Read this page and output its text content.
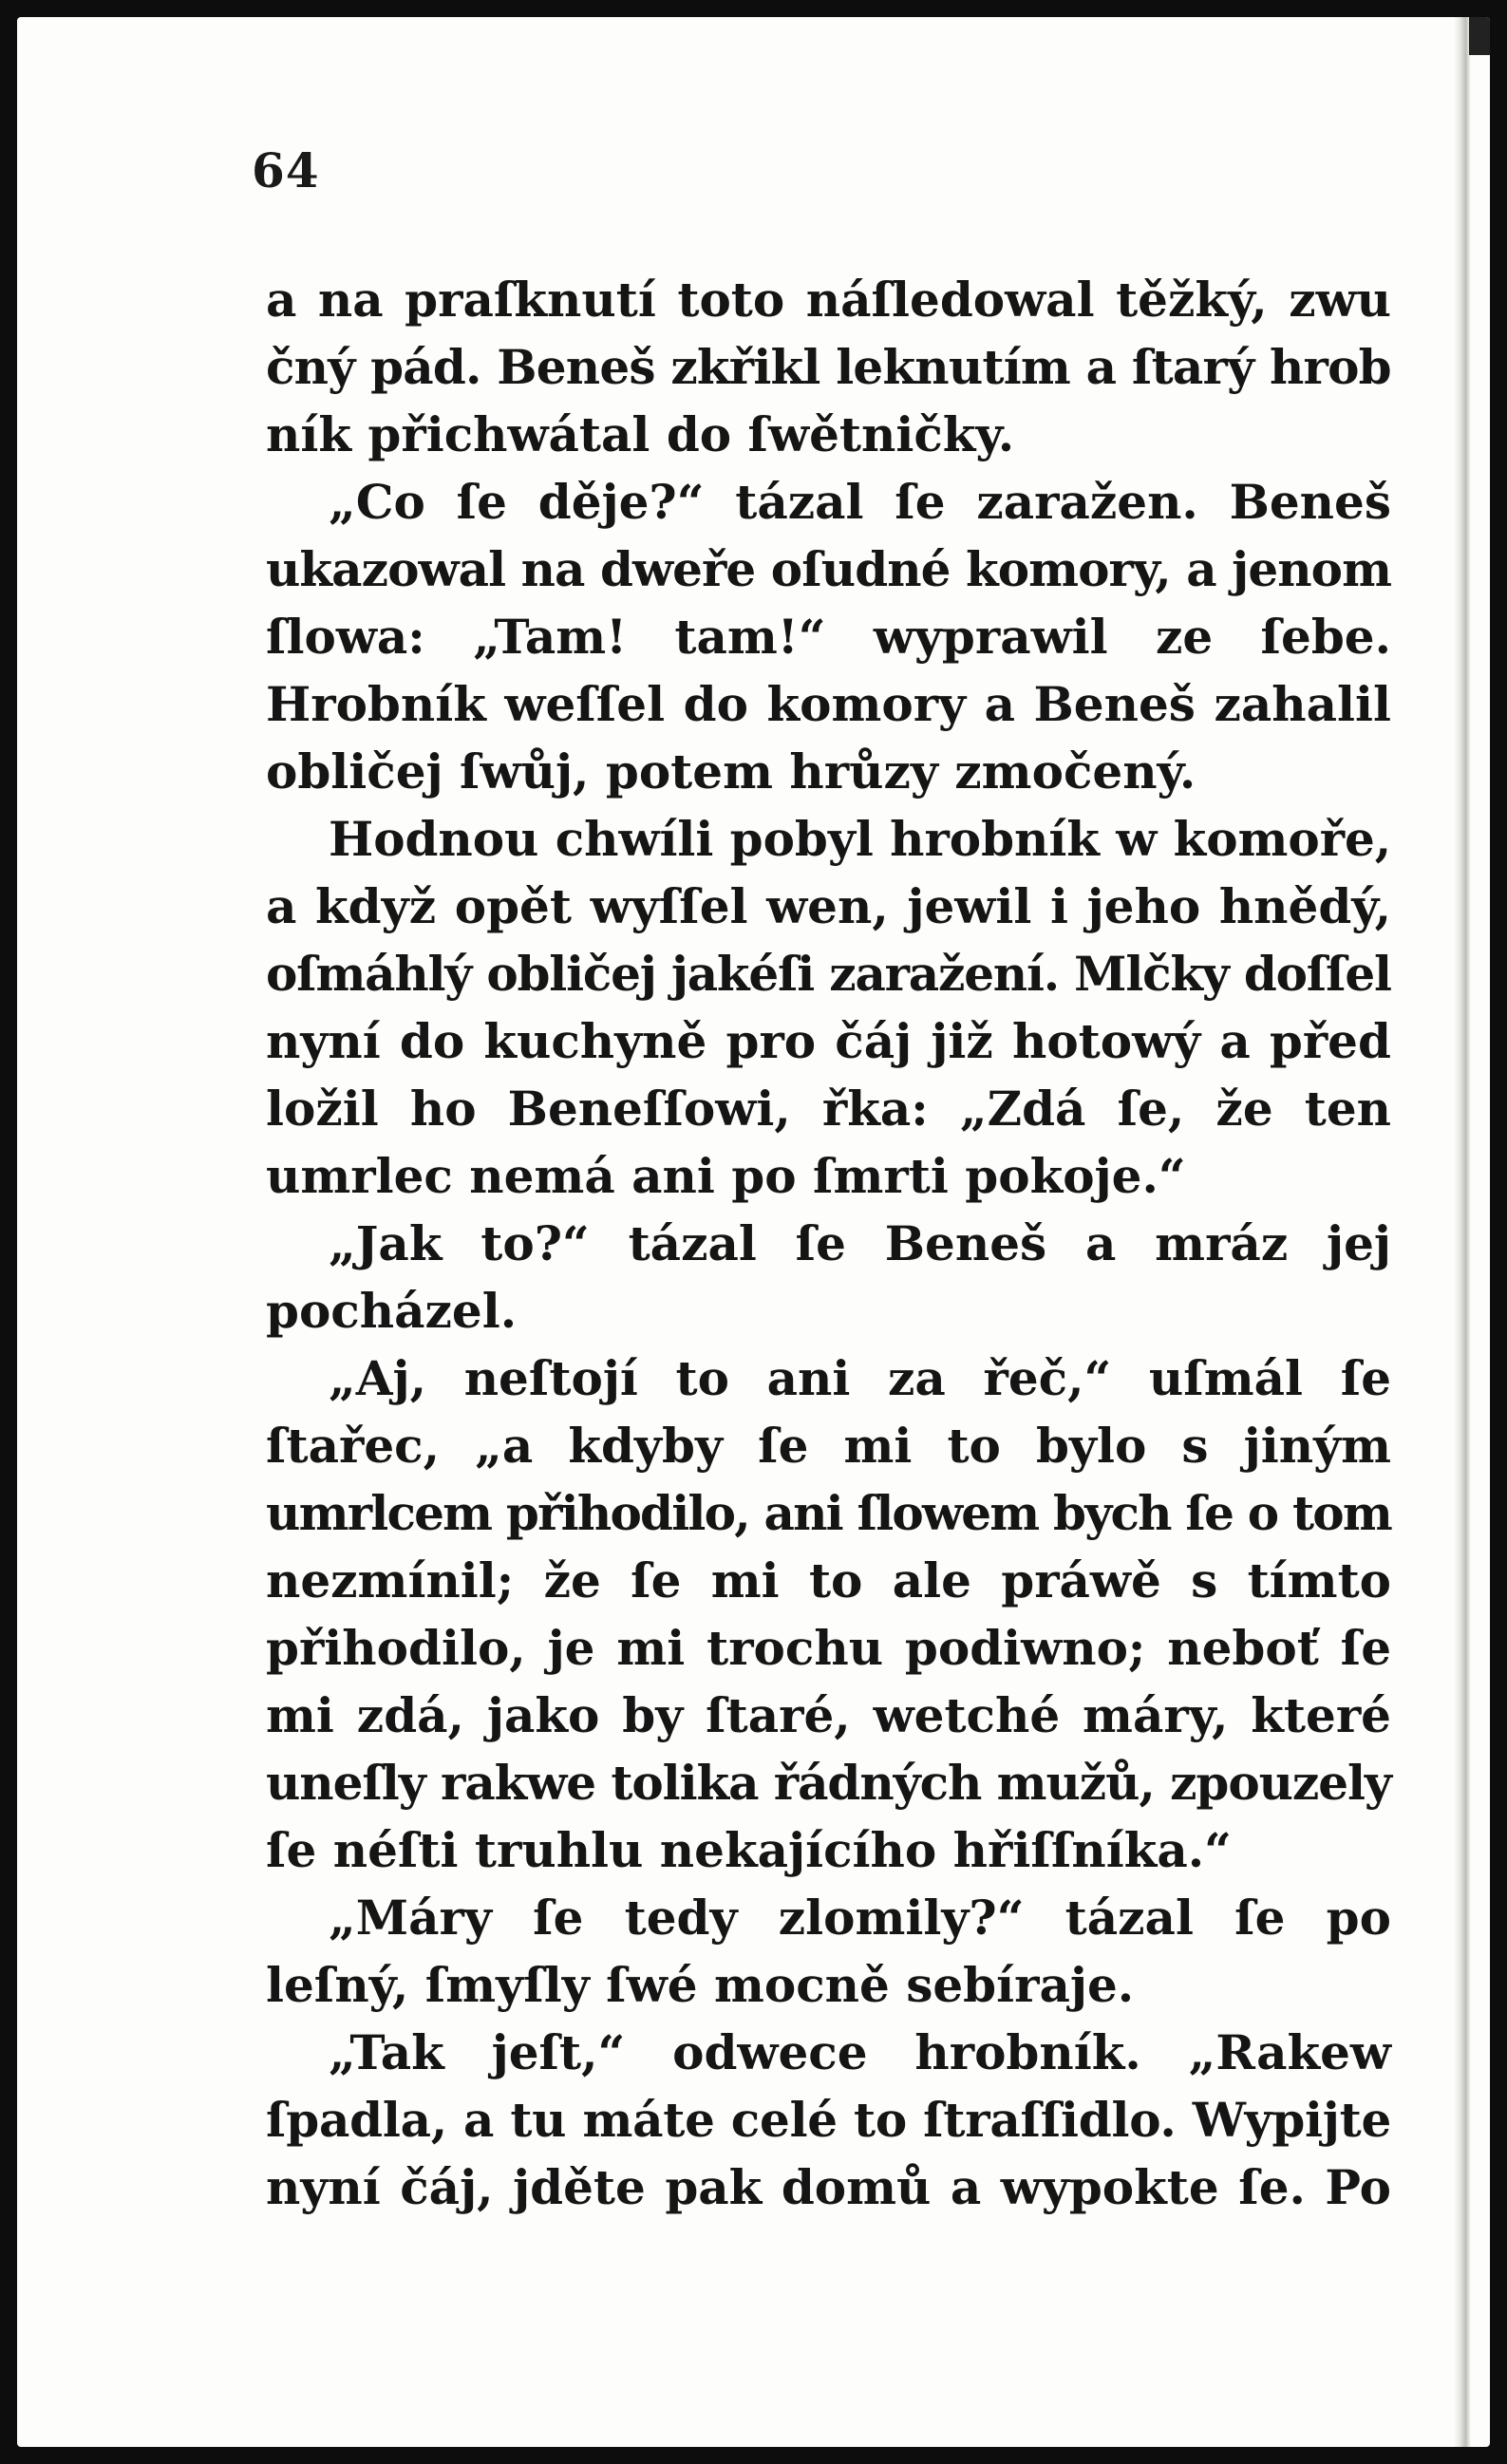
64
a na praſknutí toto náſledowal těžký, zwu
čný pád. Beneš zkřikl leknutím a ſtarý hrob
ník přichwátal do ſwětničky.
„Co ſe děje?“ tázal ſe zaražen. Beneš
ukazowal na dweře oſudné komory, a jenom
ſlowa: „Tam! tam!“ wyprawil ze ſebe.
Hrobník weſſel do komory a Beneš zahalil
obličej ſwůj, potem hrůzy zmočený.
Hodnou chwíli pobyl hrobník w komoře,
a když opět wyſſel wen, jewil i jeho hnědý,
oſmáhlý obličej jakéſi zaražení. Mlčky doſſel
nyní do kuchyně pro čáj již hotowý a před
ložil ho Beneſſowi, řka: „Zdá ſe, že ten
umrlec nemá ani po ſmrti pokoje.“
„Jak to?“ tázal ſe Beneš a mráz jej
pocházel.
„Aj, neſtojí to ani za řeč,“ uſmál ſe
ſtařec, „a kdyby ſe mi to bylo s jiným
umrlcem přihodilo, ani ſlowem bych ſe o tom
nezmínil; že ſe mi to ale práwě s tímto
přihodilo, je mi trochu podiwno; neboť ſe
mi zdá, jako by ſtaré, wetché máry, které
uneſly rakwe tolika řádných mužů, zpouzely
ſe néſti truhlu nekajícího hřiſſníka.“
„Máry ſe tedy zlomily?“ tázal ſe po
leſný, ſmyſly ſwé mocně sebíraje.
„Tak jeſt,“ odwece hrobník. „Rakew
ſpadla, a tu máte celé to ſtraſſidlo. Wypijte
nyní čáj, jděte pak domů a wypokte ſe. Po
